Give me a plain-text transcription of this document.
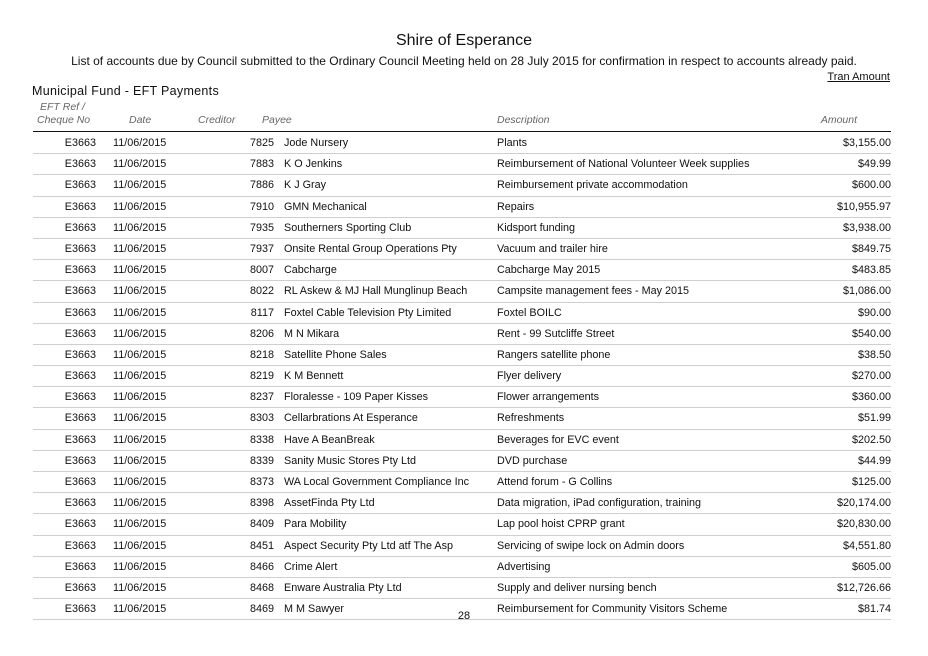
Shire of Esperance
List of accounts due by Council submitted to the Ordinary Council Meeting held on 28 July 2015 for confirmation in respect to accounts already paid.
Tran Amount
Municipal Fund - EFT Payments
EFT Ref /
Cheque No	Date	Creditor	Payee	Description	Amount
E3663 11/06/2015	7825 Jode Nursery	Plants	$3,155.00
E3663 11/06/2015	7883 K O Jenkins	Reimbursement of National Volunteer Week supplies	$49.99
E3663 11/06/2015	7886 K J Gray	Reimbursement private accommodation	$600.00
E3663 11/06/2015	7910 GMN Mechanical	Repairs	$10,955.97
E3663 11/06/2015	7935 Southerners Sporting Club	Kidsport funding	$3,938.00
E3663 11/06/2015	7937 Onsite Rental Group Operations Pty	Vacuum and trailer hire	$849.75
E3663 11/06/2015	8007 Cabcharge	Cabcharge May 2015	$483.85
E3663 11/06/2015	8022 RL Askew & MJ Hall Munglinup Beach	Campsite management fees - May 2015	$1,086.00
E3663 11/06/2015	8117 Foxtel Cable Television Pty Limited	Foxtel BOILC	$90.00
E3663 11/06/2015	8206 M N Mikara	Rent - 99 Sutcliffe Street	$540.00
E3663 11/06/2015	8218 Satellite Phone Sales	Rangers satellite phone	$38.50
E3663 11/06/2015	8219 K M Bennett	Flyer delivery	$270.00
E3663 11/06/2015	8237 Floralesse - 109 Paper Kisses	Flower arrangements	$360.00
E3663 11/06/2015	8303 Cellarbrations At Esperance	Refreshments	$51.99
E3663 11/06/2015	8338 Have A BeanBreak	Beverages for EVC event	$202.50
E3663 11/06/2015	8339 Sanity Music Stores Pty Ltd	DVD purchase	$44.99
E3663 11/06/2015	8373 WA Local Government Compliance Inc	Attend forum - G Collins	$125.00
E3663 11/06/2015	8398 AssetFinda Pty Ltd	Data migration, iPad configuration, training	$20,174.00
E3663 11/06/2015	8409 Para Mobility	Lap pool hoist CPRP grant	$20,830.00
E3663 11/06/2015	8451 Aspect Security Pty Ltd atf The Asp	Servicing of swipe lock on Admin doors	$4,551.80
E3663 11/06/2015	8466 Crime Alert	Advertising	$605.00
E3663 11/06/2015	8468 Enware Australia Pty Ltd	Supply and deliver nursing bench	$12,726.66
E3663 11/06/2015	8469 M M Sawyer	Reimbursement for Community Visitors Scheme	$81.74
28
